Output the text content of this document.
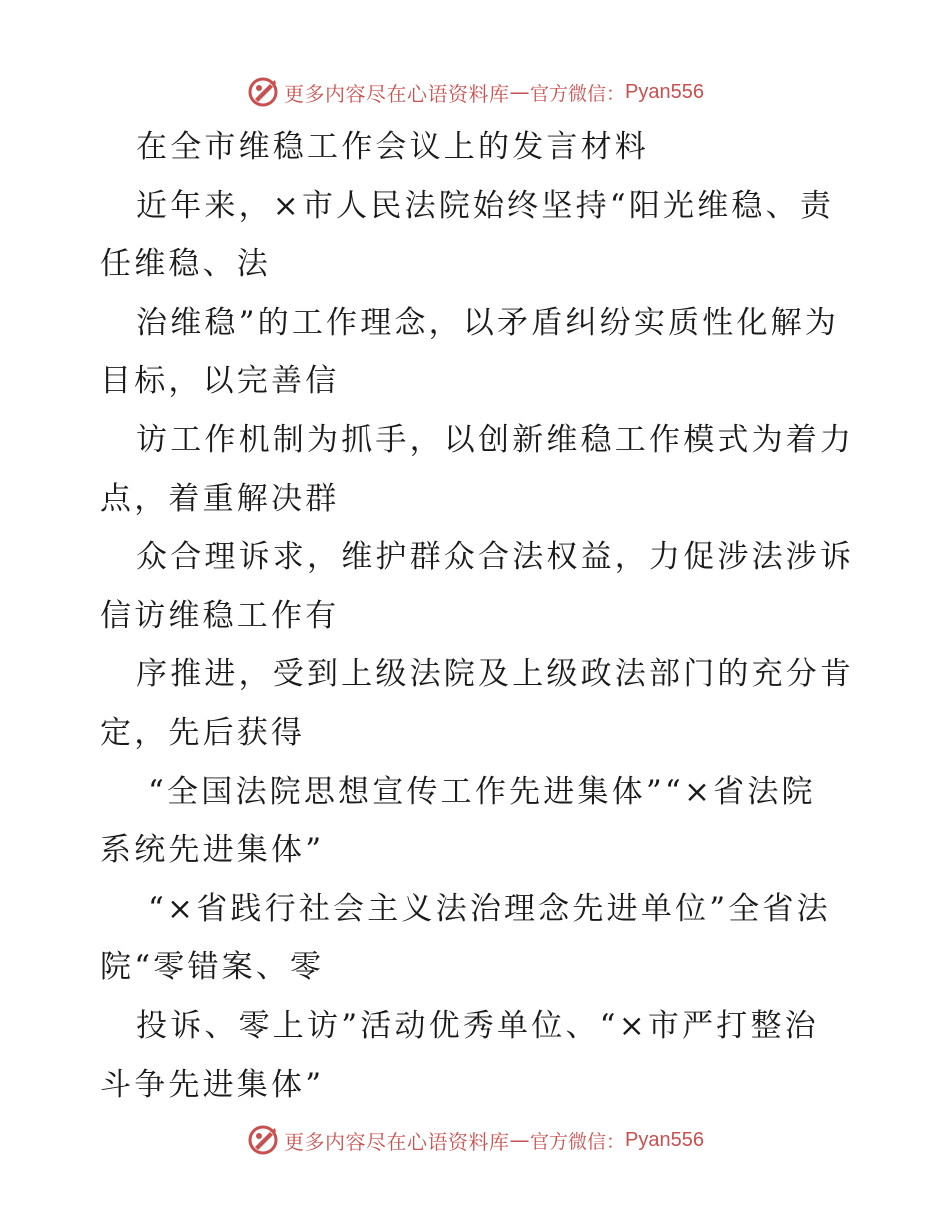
更多内容尽在心语资料库 — 官方微信： Pyan556
在全市维稳工作会议上的发言材料
近年来，×市人民法院始终坚持“阳光维稳、责
任维稳、法
治维稳”的工作理念，以矛盾纠纷实质性化解为
目标，以完善信
访工作机制为抓手，以创新维稳工作模式为着力
点，着重解决群
众合理诉求，维护群众合法权益，力促涉法涉诉
信访维稳工作有
序推进，受到上级法院及上级政法部门的充分肯
定，先后获得
“全国法院思想宣传工作先进集体”“×省法院
系统先进集体”
“×省践行社会主义法治理念先进单位”全省法
院“零错案、零
投诉、零上访”活动优秀单位、“×市严打整治
斗争先进集体”
更多内容尽在心语资料库 — 官方微信： Pyan556
